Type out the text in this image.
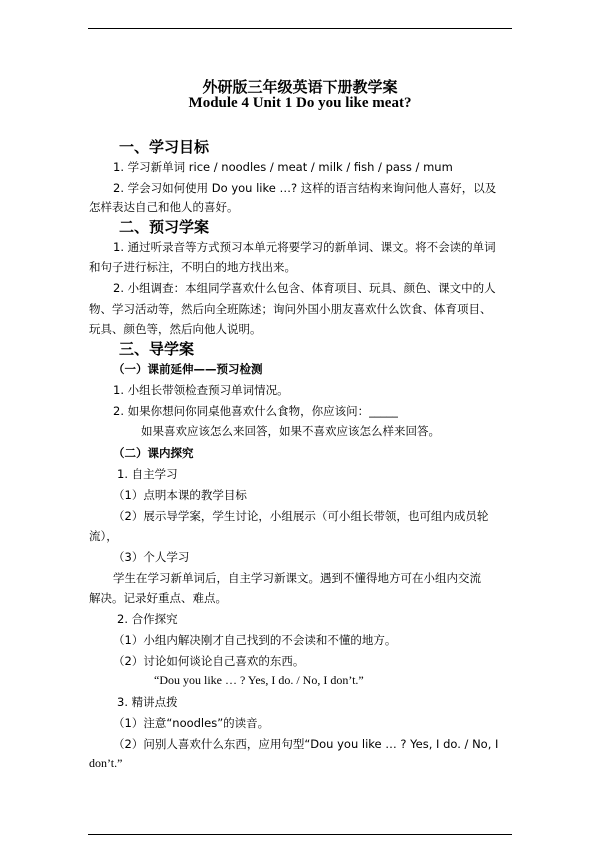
外研版三年级英语下册教学案
Module 4 Unit 1 Do you like meat?
一、学习目标
1. 学习新单词 rice / noodles / meat / milk / fish / pass / mum
2. 学会习如何使用 Do you like …? 这样的语言结构来询问他人喜好，以及
怎样表达自己和他人的喜好。
二、预习学案
1. 通过听录音等方式预习本单元将要学习的新单词、课文。将不会读的单词
和句子进行标注，不明白的地方找出来。
2. 小组调查：本组同学喜欢什么包含、体育项目、玩具、颜色、课文中的人
物、学习活动等，然后向全班陈述；询问外国小朋友喜欢什么饮食、体育项目、
玩具、颜色等，然后向他人说明。
三、导学案
（一）课前延伸——预习检测
1. 小组长带领检查预习单词情况。
2. 如果你想问你同桌他喜欢什么食物，你应该问：_____
如果喜欢应该怎么来回答，如果不喜欢应该怎么样来回答。
（二）课内探究
1. 自主学习
（1）点明本课的教学目标
（2）展示导学案，学生讨论，小组展示（可小组长带领，也可组内成员轮
流），
（3）个人学习
学生在学习新单词后，自主学习新课文。遇到不懂得地方可在小组内交流
解决。记录好重点、难点。
2. 合作探究
（1）小组内解决刚才自己找到的不会读和不懂的地方。
（2）讨论如何谈论自己喜欢的东西。
“Dou you like … ? Yes, I do. / No, I don’t.”
3. 精讲点拨
（1）注意“noodles”的读音。
（2）问别人喜欢什么东西，应用句型“Dou you like … ? Yes, I do. / No, I
don’t.”
